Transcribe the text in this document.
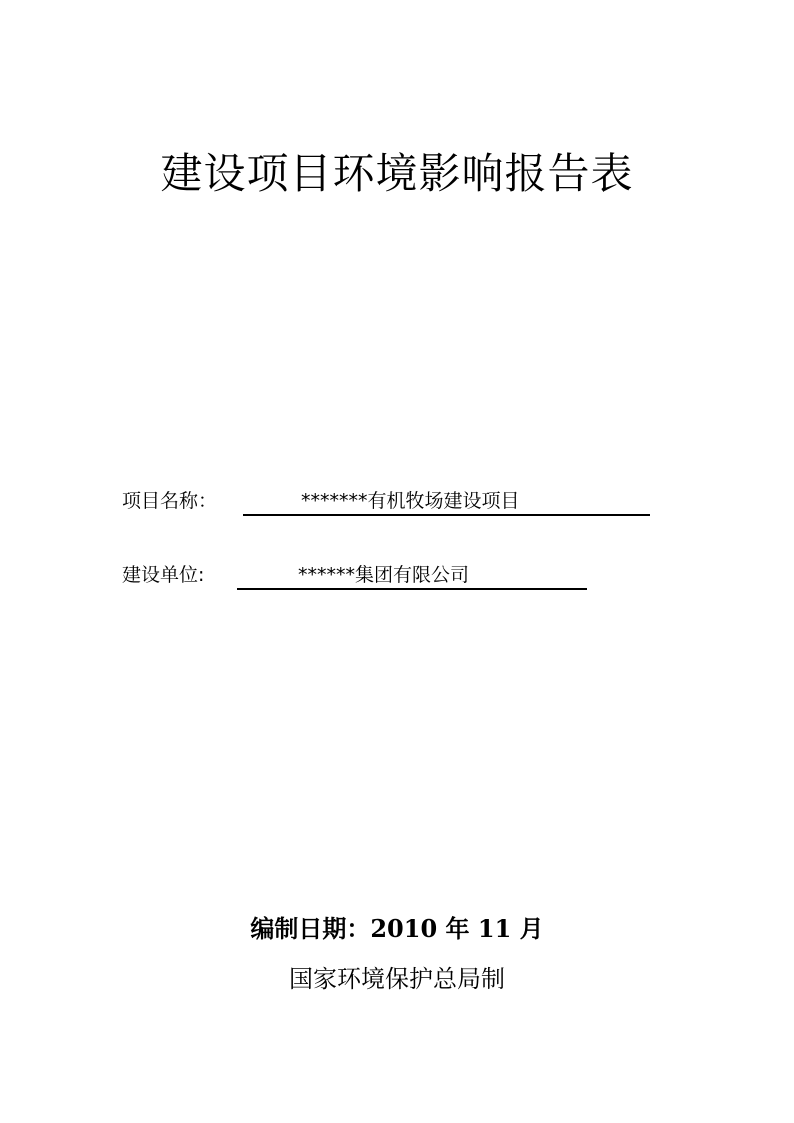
建设项目环境影响报告表
项目名称：	*******有机牧场建设项目
建设单位:	******集团有限公司
编制日期：2010 年 11 月
国家环境保护总局制
